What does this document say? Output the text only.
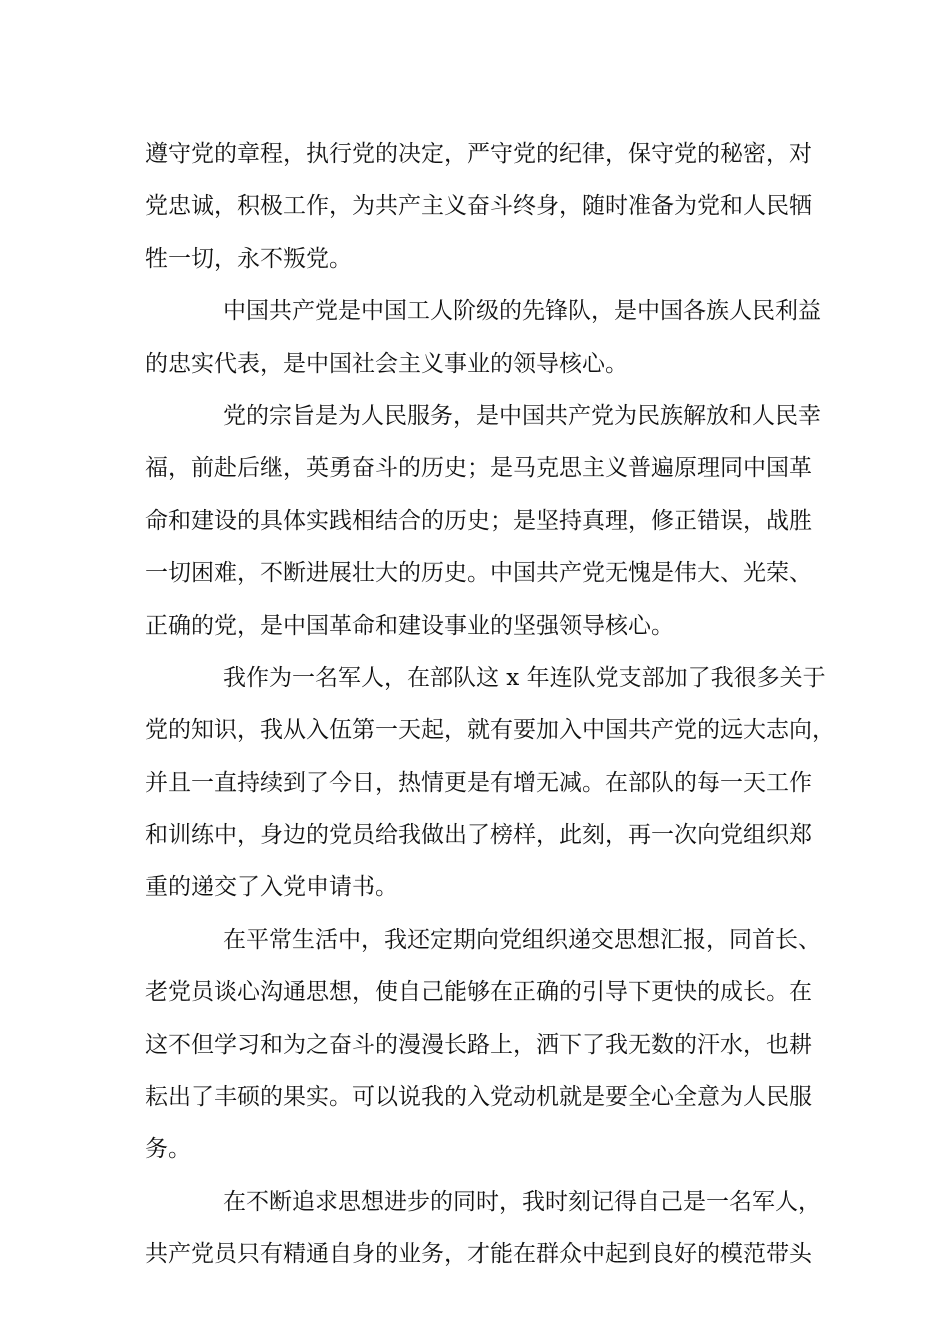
遵守党的章程，执行党的决定，严守党的纪律，保守党的秘密，对
党忠诚，积极工作，为共产主义奋斗终身，随时准备为党和人民牺
牲一切，永不叛党。
中国共产党是中国工人阶级的先锋队，是中国各族人民利益
的忠实代表，是中国社会主义事业的领导核心。
党的宗旨是为人民服务，是中国共产党为民族解放和人民幸
福，前赴后继，英勇奋斗的历史；是马克思主义普遍原理同中国革
命和建设的具体实践相结合的历史；是坚持真理，修正错误，战胜
一切困难，不断进展壮大的历史。中国共产党无愧是伟大、光荣、
正确的党，是中国革命和建设事业的坚强领导核心。
我作为一名军人，在部队这 x 年连队党支部加了我很多关于
党的知识，我从入伍第一天起，就有要加入中国共产党的远大志向，
并且一直持续到了今日，热情更是有增无减。在部队的每一天工作
和训练中，身边的党员给我做出了榜样，此刻，再一次向党组织郑
重的递交了入党申请书。
在平常生活中，我还定期向党组织递交思想汇报，同首长、
老党员谈心沟通思想，使自己能够在正确的引导下更快的成长。在
这不但学习和为之奋斗的漫漫长路上，洒下了我无数的汗水，也耕
耘出了丰硕的果实。可以说我的入党动机就是要全心全意为人民服
务。
在不断追求思想进步的同时，我时刻记得自己是一名军人，
共产党员只有精通自身的业务，才能在群众中起到良好的模范带头
